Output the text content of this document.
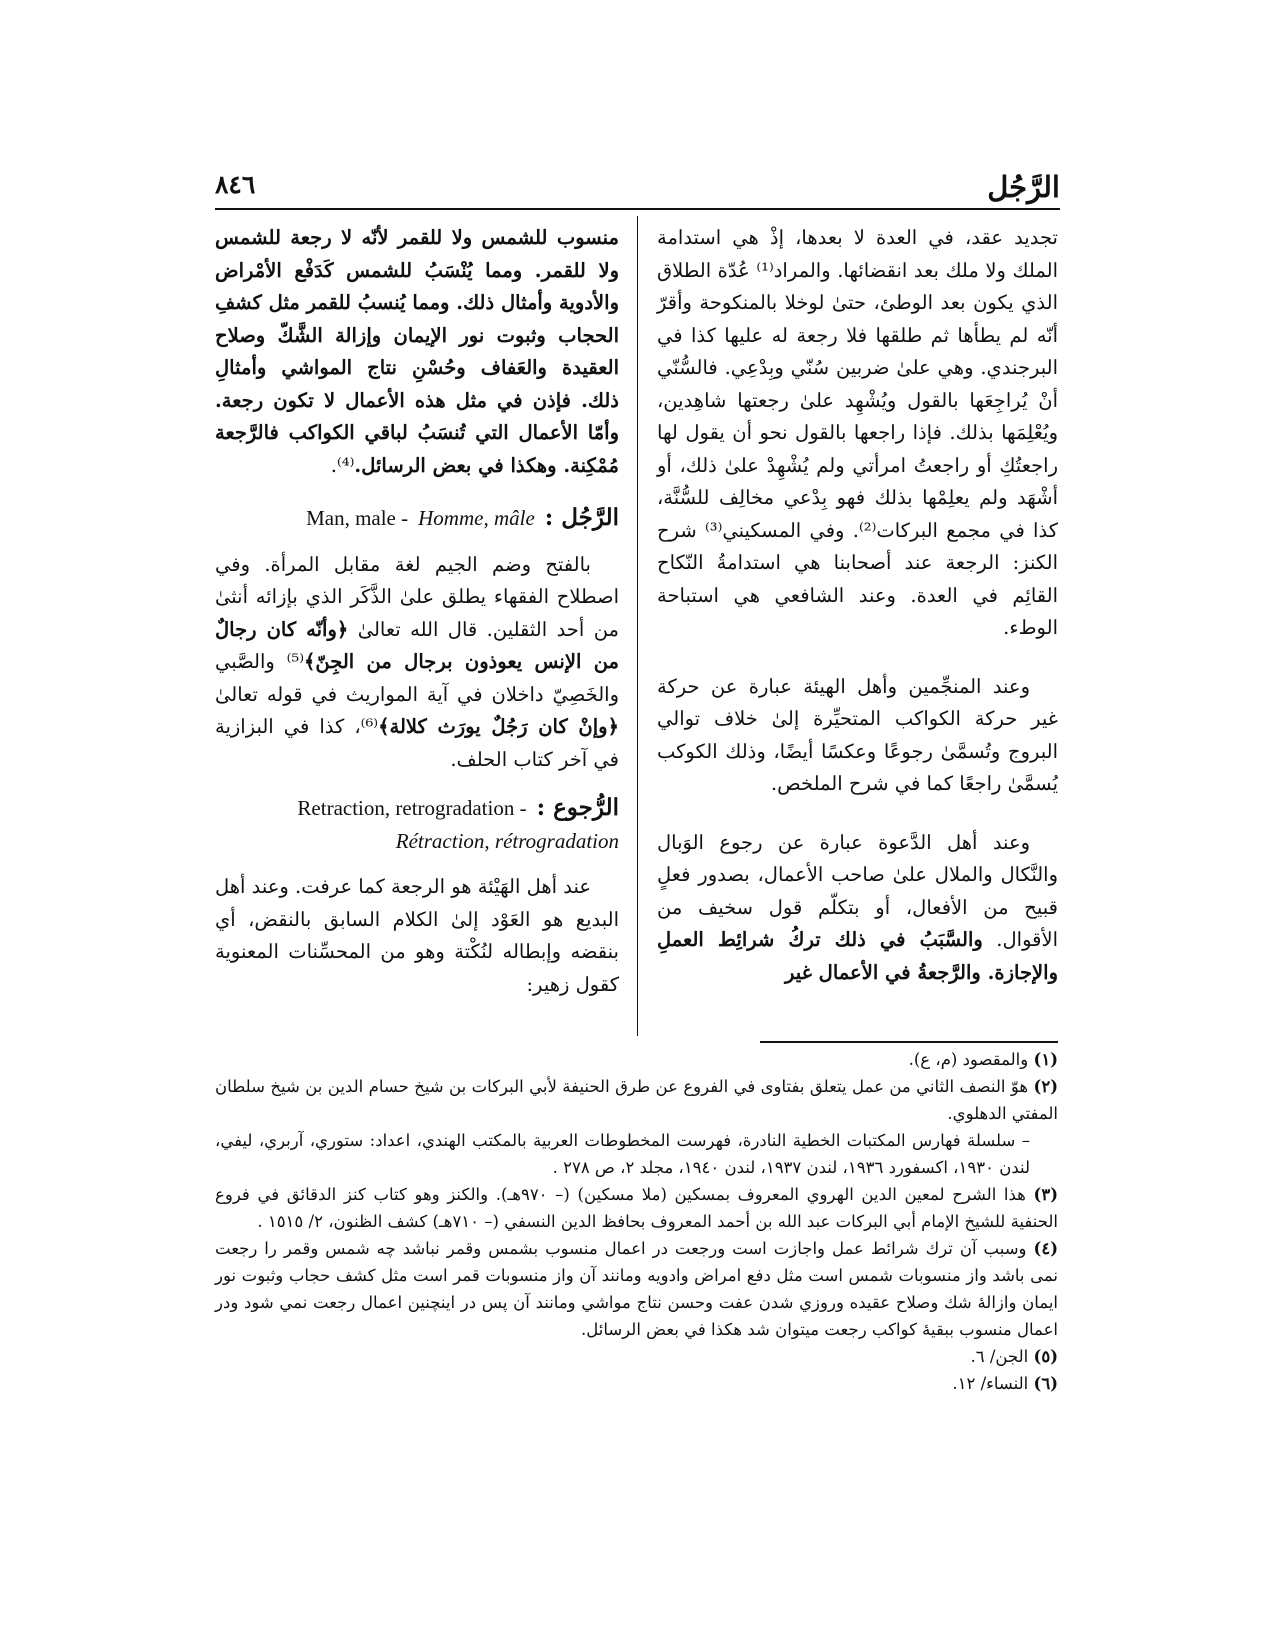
الرَّجُل
٨٤٦

تجديد عقد، في العدة لا بعدها، إذْ هي استدامة الملك ولا ملك بعد انقضائها. والمراد⁽¹⁾ عُدّة الطلاق الذي يكون بعد الوطئ، حتىٰ لوخلا بالمنكوحة وأقرّ أنّه لم يطأها ثم طلقها فلا رجعة له عليها كذا في البرجندي. وهي علىٰ ضربين سُنّي وبِدْعِي. فالسُّنّي أنْ يُراجِعَها بالقول ويُشْهِد علىٰ رجعتها شاهِدين، ويُعْلِمَها بذلك. فإذا راجعها بالقول نحو أن يقول لها راجعتُكِ أو راجعتُ امرأتي ولم يُشْهِدْ علىٰ ذلك، أو أشْهَد ولم يعلِمْها بذلك فهو بِدْعي مخالِف للسُّنَّة، كذا في مجمع البركات⁽²⁾. وفي المسكيني⁽³⁾ شرح الكنز: الرجعة عند أصحابنا هي استدامةُ النّكاح القائِم في العدة. وعند الشافعي هي استباحة الوطء.

وعند المنجِّمين وأهل الهيئة عبارة عن حركة غير حركة الكواكب المتحيِّرة إلىٰ خلاف توالي البروج وتُسمَّىٰ رجوعًا وعكسًا أيضًا، وذلك الكوكب يُسمَّىٰ راجعًا كما في شرح الملخص.

وعند أهل الدَّعوة عبارة عن رجوع الوَبال والنَّكال والملال علىٰ صاحب الأعمال، بصدور فعلٍ قبيح من الأفعال، أو بتكلّم قول سخيف من الأقوال. والسَّبَبُ في ذلك تركُ شرائِط العملِ والإجازة. والرَّجعةُ في الأعمال غير

منسوب للشمس ولا للقمر لأنّه لا رجعة للشمس ولا للقمر. ومما يُنْسَبُ للشمس كَدَفْع الأمْراض والأدوية وأمثال ذلك. ومما يُنسبُ للقمر مثل كشفِ الحجاب وثبوت نور الإيمان وإزالة الشَّكّ وصلاح العقيدة والعَفاف وحُسْنِ نتاج المواشي وأمثالِ ذلك. فإذن في مثل هذه الأعمال لا تكون رجعة. وأمّا الأعمال التي تُنسَبُ لباقي الكواكب فالرَّجعة مُمْكِنة. وهكذا في بعض الرسائل.⁽⁴⁾.

Man, male - Homme, mâle الرَّجُل :

بالفتح وضم الجيم لغة مقابل المرأة. وفي اصطلاح الفقهاء يطلق علىٰ الذَّكَر الذي بإزائه أنثىٰ من أحد الثقلين. قال الله تعالىٰ ﴿وأنّه كان رجالٌ من الإنس يعوذون برجال من الجِنّ﴾⁽⁵⁾ والصَّبي والخَصِيّ داخلان في آية المواريث في قوله تعالىٰ ﴿وإنْ كان رَجُلٌ يورَث كلالة﴾⁽⁶⁾، كذا في البزازية في آخر كتاب الحلف.

Retraction, retrogradation - الرُّجوع :
Rétraction, rétrogradation

عند أهل الهَيْئة هو الرجعة كما عرفت. وعند أهل البديع هو العَوْد إلىٰ الكلام السابق بالنقض، أي بنقضه وإبطاله لنُكْتة وهو من المحسِّنات المعنوية كقول زهير:

(١) والمقصود (م، ع).

(٢) هوّ النصف الثاني من عمل يتعلق بفتاوى في الفروع عن طرق الحنيفة لأبي البركات بن شيخ حسام الدين بن شيخ سلطان المفتي الدهلوي.

– سلسلة فهارس المكتبات الخطية النادرة، فهرست المخطوطات العربية بالمكتب الهندي، اعداد: ستوري، آربري، ليفي، لندن ١٩٣٠، اكسفورد ١٩٣٦، لندن ١٩٣٧، لندن ١٩٤٠، مجلد ٢، ص ٢٧٨ .

(٣) هذا الشرح لمعين الدين الهروي المعروف بمسكين (ملا مسكين) (– ٩٧٠هـ). والكنز وهو كتاب كنز الدقائق في فروع الحنفية للشيخ الإمام أبي البركات عبد الله بن أحمد المعروف بحافظ الدين النسفي (– ٧١٠هـ) كشف الظنون، ٢/ ١٥١٥ .

(٤) وسبب آن ترك شرائط عمل واجازت است ورجعت در اعمال منسوب بشمس وقمر نباشد چه شمس وقمر را رجعت نمى باشد واز منسوبات شمس است مثل دفع امراض وادويه ومانند آن واز منسوبات قمر است مثل كشف حجاب وثبوت نور ايمان وازالهٔ شك وصلاح عقيده وروزي شدن عفت وحسن نتاج مواشي ومانند آن پس در اينچنين اعمال رجعت نمي شود ودر اعمال منسوب ببقيهٔ كواكب رجعت ميتوان شد هكذا في بعض الرسائل.

(٥) الجن/ ٦.

(٦) النساء/ ١٢.
